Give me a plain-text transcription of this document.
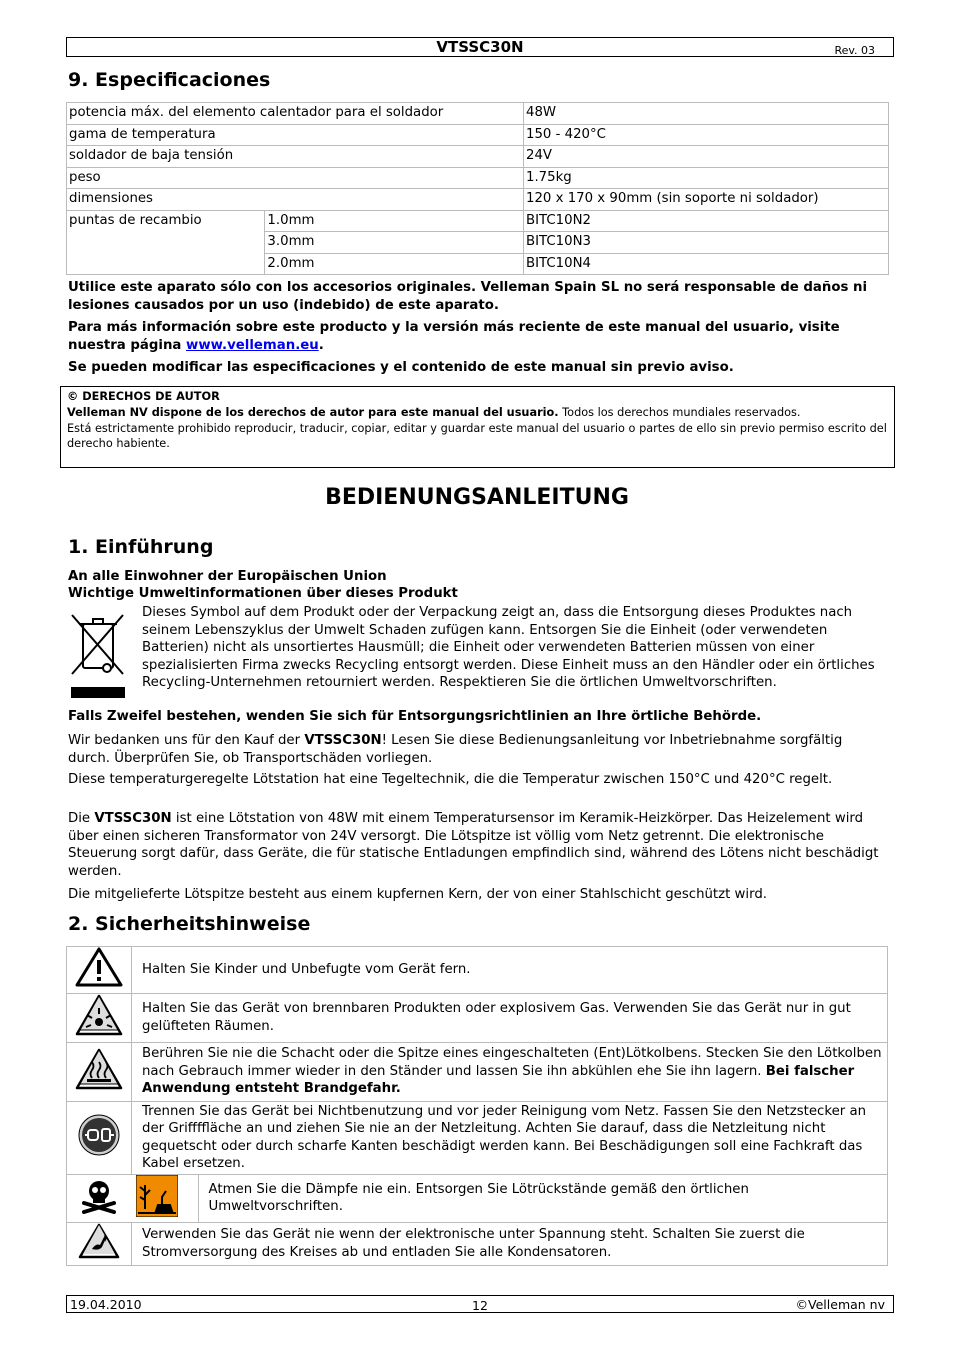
VTSSC30N	Rev. 03
9. Especificaciones
potencia máx. del elemento calentador para el soldador		48W
gama de temperatura		150 - 420°C
soldador de baja tensión		24V
peso		1.75kg
dimensiones		120 x 170 x 90mm (sin soporte ni soldador)
puntas de recambio	1.0mm	BITC10N2
	3.0mm	BITC10N3
	2.0mm	BITC10N4
Utilice este aparato sólo con los accesorios originales. Velleman Spain SL no será responsable de daños ni lesiones causados por un uso (indebido) de este aparato.
Para más información sobre este producto y la versión más reciente de este manual del usuario, visite nuestra página www.velleman.eu.
Se pueden modificar las especificaciones y el contenido de este manual sin previo aviso.
© DERECHOS DE AUTOR
Velleman NV dispone de los derechos de autor para este manual del usuario. Todos los derechos mundiales reservados.
Está estrictamente prohibido reproducir, traducir, copiar, editar y guardar este manual del usuario o partes de ello sin previo permiso escrito del derecho habiente.
BEDIENUNGSANLEITUNG
1. Einführung
An alle Einwohner der Europäischen Union
Wichtige Umweltinformationen über dieses Produkt
Dieses Symbol auf dem Produkt oder der Verpackung zeigt an, dass die Entsorgung dieses Produktes nach seinem Lebenszyklus der Umwelt Schaden zufügen kann. Entsorgen Sie die Einheit (oder verwendeten Batterien) nicht als unsortiertes Hausmüll; die Einheit oder verwendeten Batterien müssen von einer spezialisierten Firma zwecks Recycling entsorgt werden. Diese Einheit muss an den Händler oder ein örtliches Recycling-Unternehmen retourniert werden. Respektieren Sie die örtlichen Umweltvorschriften.
Falls Zweifel bestehen, wenden Sie sich für Entsorgungsrichtlinien an Ihre örtliche Behörde.
Wir bedanken uns für den Kauf der VTSSC30N! Lesen Sie diese Bedienungsanleitung vor Inbetriebnahme sorgfältig durch. Überprüfen Sie, ob Transportschäden vorliegen.
Diese temperaturgeregelte Lötstation hat eine Tegeltechnik, die die Temperatur zwischen 150°C und 420°C regelt.
Die VTSSC30N ist eine Lötstation von 48W mit einem Temperatursensor im Keramik-Heizkörper. Das Heizelement wird über einen sicheren Transformator von 24V versorgt. Die Lötspitze ist völlig vom Netz getrennt. Die elektronische Steuerung sorgt dafür, dass Geräte, die für statische Entladungen empfindlich sind, während des Lötens nicht beschädigt werden.
Die mitgelieferte Lötspitze besteht aus einem kupfernen Kern, der von einer Stahlschicht geschützt wird.
2. Sicherheitshinweise
	Halten Sie Kinder und Unbefugte vom Gerät fern.	
	Halten Sie das Gerät von brennbaren Produkten oder explosivem Gas. Verwenden Sie das Gerät nur in gut gelüfteten Räumen.	
	Berühren Sie nie die Schacht oder die Spitze eines eingeschalteten (Ent)Lötkolbens. Stecken Sie den Lötkolben nach Gebrauch immer wieder in den Ständer und lassen Sie ihn abkühlen ehe Sie ihn lagern. Bei falscher Anwendung entsteht Brandgefahr.	
	Trennen Sie das Gerät bei Nichtbenutzung und vor jeder Reinigung vom Netz. Fassen Sie den Netzstecker an der Griffffläche an und ziehen Sie nie an der Netzleitung. Achten Sie darauf, dass die Netzleitung nicht gequetscht oder durch scharfe Kanten beschädigt werden kann. Bei Beschädigungen soll eine Fachkraft das Kabel ersetzen.	
		Atmen Sie die Dämpfe nie ein. Entsorgen Sie Lötrückstände gemäß den örtlichen Umweltvorschriften.
	Verwenden Sie das Gerät nie wenn der elektronische unter Spannung steht. Schalten Sie zuerst die Stromversorgung des Kreises ab und entladen Sie alle Kondensatoren.	
19.04.2010	12	©Velleman nv
